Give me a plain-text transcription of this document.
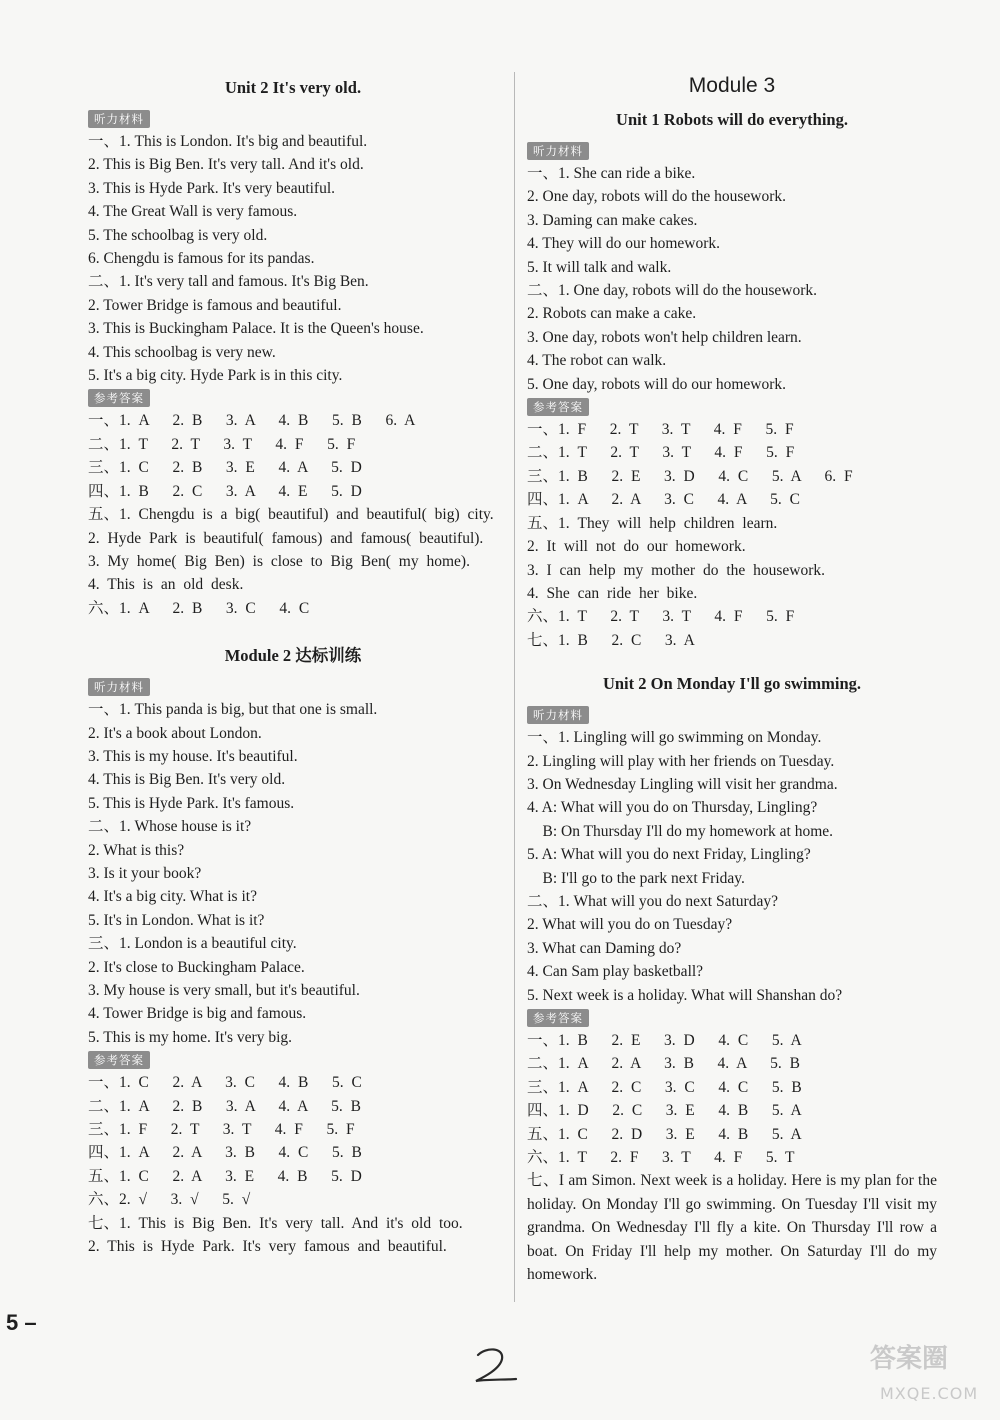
Unit 2 It's very old.
听力材料
一、1. This is London. It's big and beautiful.
2. This is Big Ben. It's very tall. And it's old.
3. This is Hyde Park. It's very beautiful.
4. The Great Wall is very famous.
5. The schoolbag is very old.
6. Chengdu is famous for its pandas.
二、1. It's very tall and famous. It's Big Ben.
2. Tower Bridge is famous and beautiful.
3. This is Buckingham Palace. It is the Queen's house.
4. This schoolbag is very new.
5. It's a big city. Hyde Park is in this city.
参考答案
一、1. A   2. B   3. A   4. B   5. B   6. A
二、1. T   2. T   3. T   4. F   5. F
三、1. C   2. B   3. E   4. A   5. D
四、1. B   2. C   3. A   4. E   5. D
五、1. Chengdu is a big( beautiful) and beautiful( big) city.
2. Hyde Park is beautiful( famous) and famous( beautiful).
3. My home( Big Ben) is close to Big Ben( my home).
4. This is an old desk.
六、1. A   2. B   3. C   4. C
Module 2 达标训练
听力材料
一、1. This panda is big, but that one is small.
2. It's a book about London.
3. This is my house. It's beautiful.
4. This is Big Ben. It's very old.
5. This is Hyde Park. It's famous.
二、1. Whose house is it?
2. What is this?
3. Is it your book?
4. It's a big city. What is it?
5. It's in London. What is it?
三、1. London is a beautiful city.
2. It's close to Buckingham Palace.
3. My house is very small, but it's beautiful.
4. Tower Bridge is big and famous.
5. This is my home. It's very big.
参考答案
一、1. C   2. A   3. C   4. B   5. C
二、1. A   2. B   3. A   4. A   5. B
三、1. F   2. T   3. T   4. F   5. F
四、1. A   2. A   3. B   4. C   5. B
五、1. C   2. A   3. E   4. B   5. D
六、2. √   3. √   5. √
七、1. This is Big Ben. It's very tall. And it's old too.
2. This is Hyde Park. It's very famous and beautiful.
Module 3
Unit 1 Robots will do everything.
听力材料
一、1. She can ride a bike.
2. One day, robots will do the housework.
3. Daming can make cakes.
4. They will do our homework.
5. It will talk and walk.
二、1. One day, robots will do the housework.
2. Robots can make a cake.
3. One day, robots won't help children learn.
4. The robot can walk.
5. One day, robots will do our homework.
参考答案
一、1. F   2. T   3. T   4. F   5. F
二、1. T   2. T   3. T   4. F   5. F
三、1. B   2. E   3. D   4. C   5. A   6. F
四、1. A   2. A   3. C   4. A   5. C
五、1. They will help children learn.
2. It will not do our homework.
3. I can help my mother do the housework.
4. She can ride her bike.
六、1. T   2. T   3. T   4. F   5. F
七、1. B   2. C   3. A
Unit 2 On Monday I'll go swimming.
听力材料
一、1. Lingling will go swimming on Monday.
2. Lingling will play with her friends on Tuesday.
3. On Wednesday Lingling will visit her grandma.
4. A: What will you do on Thursday, Lingling?
B: On Thursday I'll do my homework at home.
5. A: What will you do next Friday, Lingling?
B: I'll go to the park next Friday.
二、1. What will you do next Saturday?
2. What will you do on Tuesday?
3. What can Daming do?
4. Can Sam play basketball?
5. Next week is a holiday. What will Shanshan do?
参考答案
一、1. B   2. E   3. D   4. C   5. A
二、1. A   2. A   3. B   4. A   5. B
三、1. A   2. C   3. C   4. C   5. B
四、1. D   2. C   3. E   4. B   5. A
五、1. C   2. D   3. E   4. B   5. A
六、1. T   2. F   3. T   4. F   5. T
七、I am Simon. Next week is a holiday. Here is my plan for the holiday. On Monday I'll go swimming. On Tuesday I'll visit my grandma. On Wednesday I'll fly a kite. On Thursday I'll row a boat. On Friday I'll help my mother. On Saturday I'll do my homework.
5 –
答案圈
MXQE.COM
